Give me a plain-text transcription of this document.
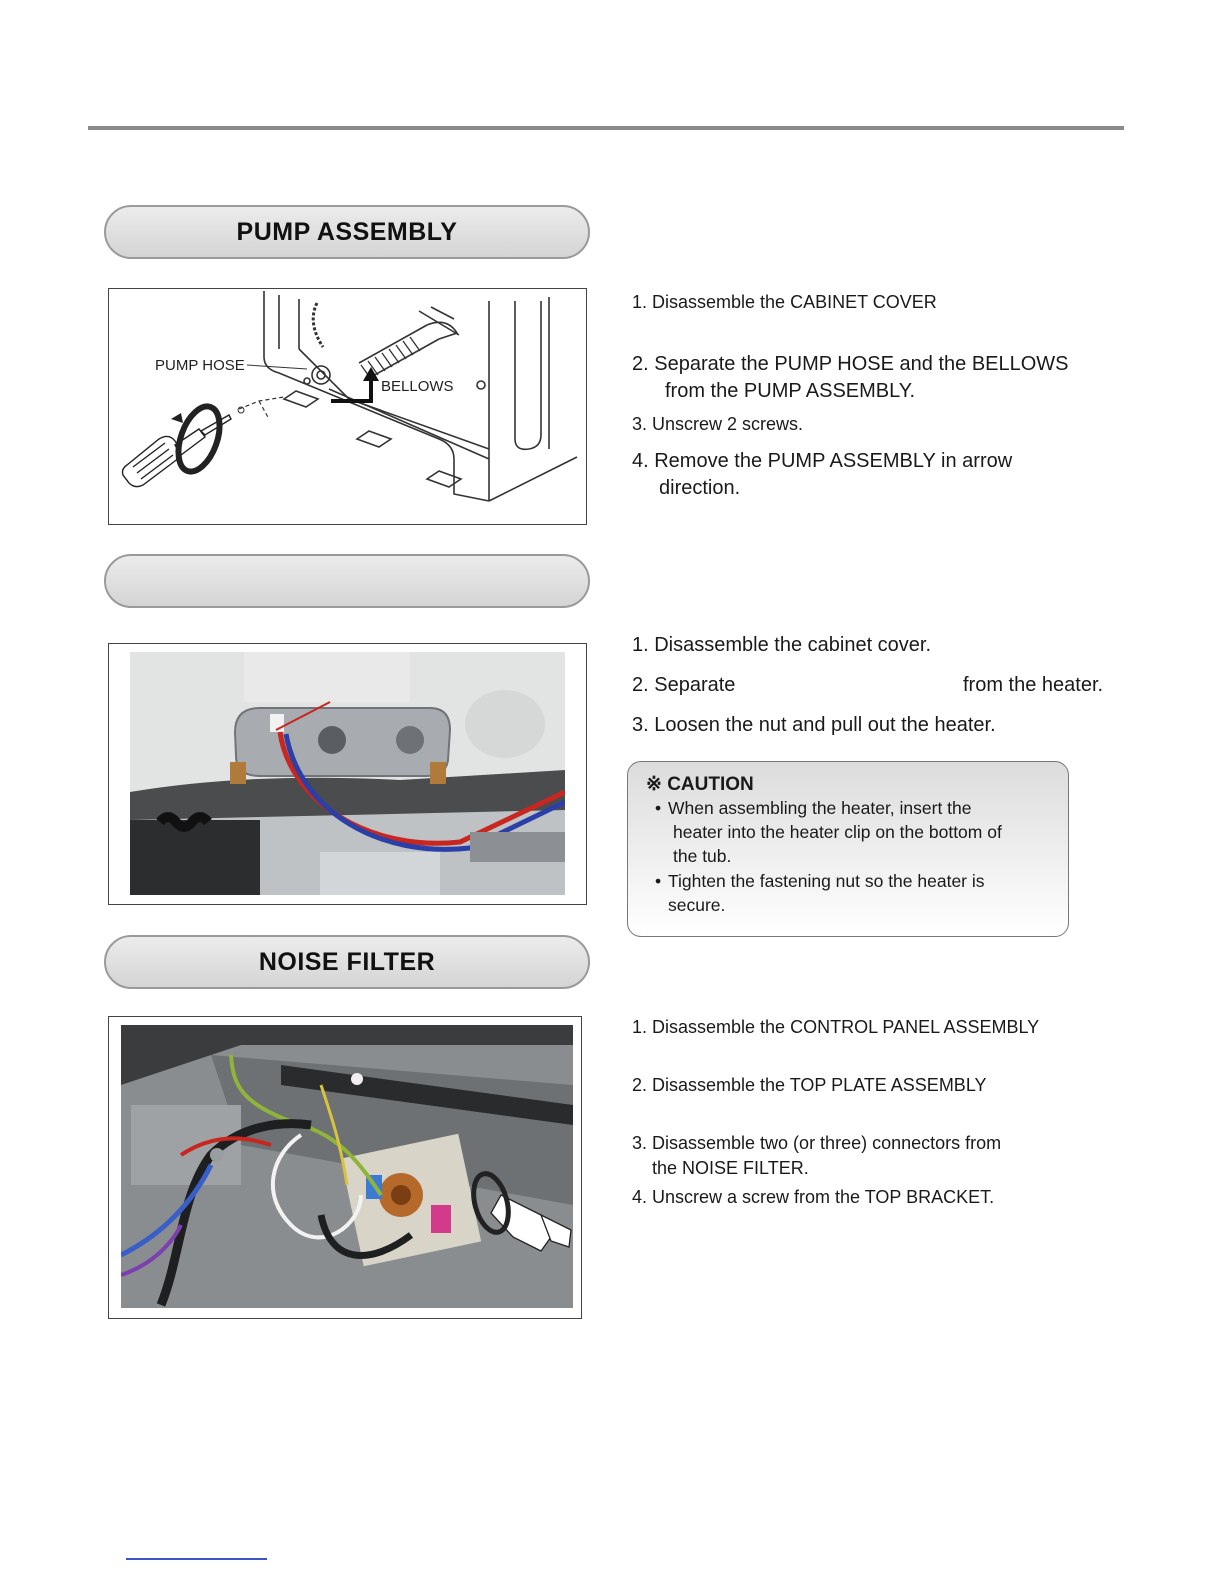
PUMP ASSEMBLY
PUMP HOSE
BELLOWS
1. Disassemble the CABINET COVER
2. Separate the PUMP HOSE and the BELLOWS
from the PUMP ASSEMBLY.
3. Unscrew 2 screws.
4. Remove the PUMP ASSEMBLY in arrow
direction.
1. Disassemble the cabinet cover.
2. Separate	from the heater.
3. Loosen the nut and pull out the heater.
※ CAUTION
• When assembling the heater, insert the
heater into the heater clip on the bottom of
the tub.
• Tighten the fastening nut so the heater is
secure.
NOISE FILTER
1. Disassemble the CONTROL PANEL ASSEMBLY
2. Disassemble the TOP PLATE ASSEMBLY
3. Disassemble two (or three) connectors from
the NOISE FILTER.
4. Unscrew a screw from the TOP BRACKET.
